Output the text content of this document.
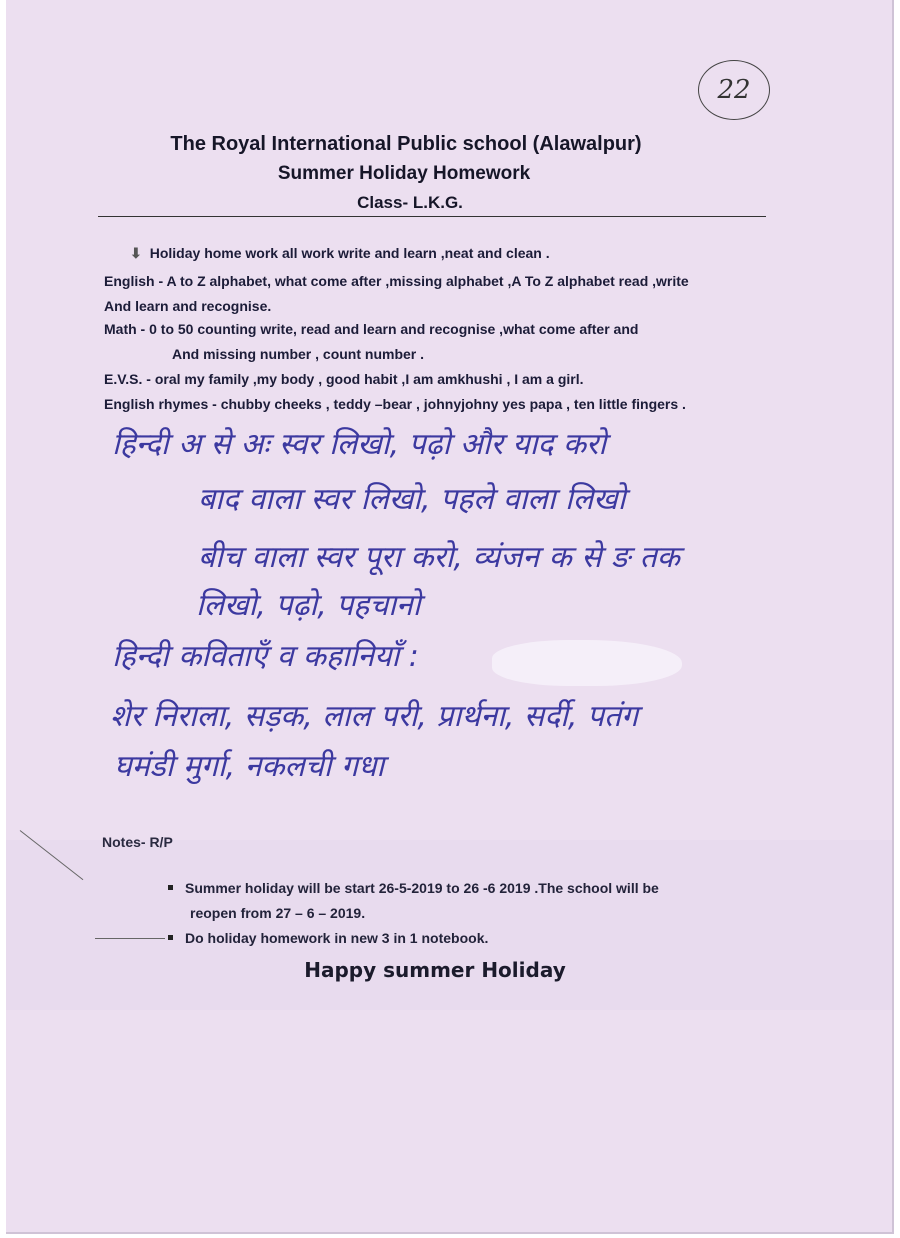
22
The Royal International Public school (Alawalpur)
Summer Holiday Homework
Class- L.K.G.
⬇ Holiday home work all work write and learn ,neat and clean .
English - A to Z alphabet, what come after ,missing alphabet ,A To Z alphabet read ,write
And learn and recognise.
Math - 0 to 50 counting write, read and learn and recognise ,what come after and
And missing number , count number .
E.V.S. - oral my family ,my body , good habit ,I am amkhushi , I am a girl.
English rhymes - chubby cheeks , teddy –bear , johnyjohny yes papa , ten little fingers .
हिन्दी अ से अः स्वर लिखो, पढ़ो और याद करो
बाद वाला स्वर लिखो, पहले वाला लिखो
बीच वाला स्वर पूरा करो, व्यंजन क से ङ तक
लिखो, पढ़ो, पहचानो
हिन्दी कविताएँ व कहानियाँ :
शेर निराला, सड़क, लाल परी, प्रार्थना, सर्दी, पतंग
घमंडी मुर्गा, नकलची गधा
Notes- R/P
Summer holiday will be start 26-5-2019 to 26 -6 2019 .The school will be
reopen from 27 – 6 – 2019.
Do holiday homework in new 3 in 1 notebook.
Happy summer Holiday
